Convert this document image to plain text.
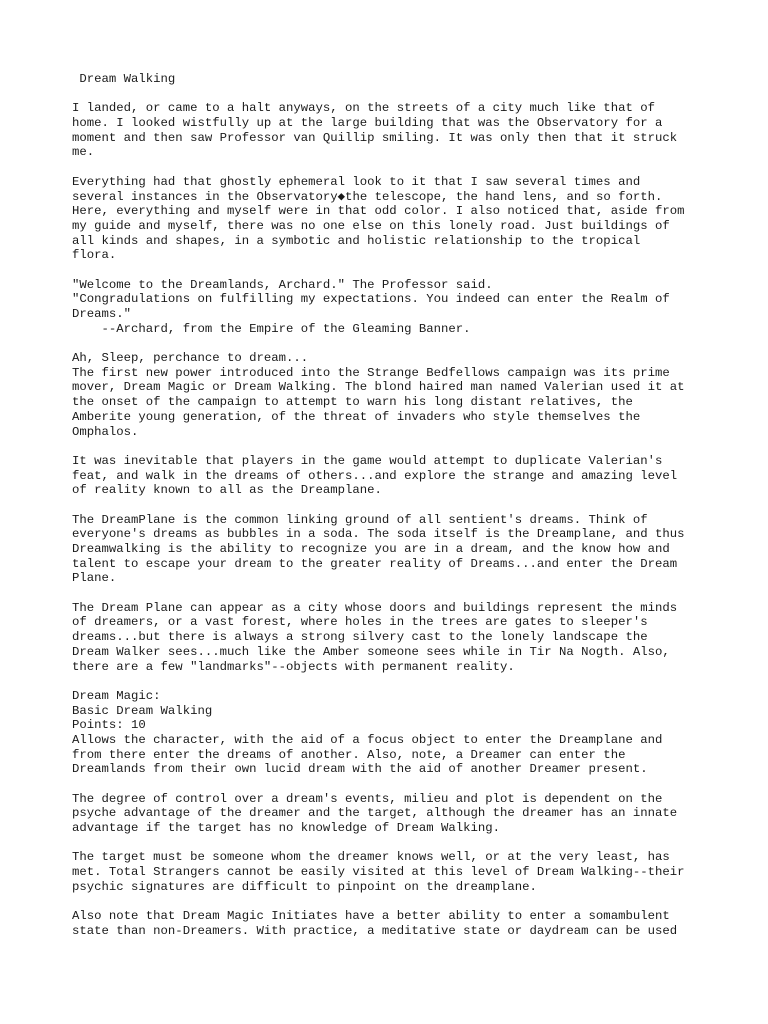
Dream Walking
I landed, or came to a halt anyways, on the streets of a city much like that of
home. I looked wistfully up at the large building that was the Observatory for a
moment and then saw Professor van Quillip smiling. It was only then that it struck
me.
Everything had that ghostly ephemeral look to it that I saw several times and
several instances in the Observatory◆the telescope, the hand lens, and so forth.
Here, everything and myself were in that odd color. I also noticed that, aside from
my guide and myself, there was no one else on this lonely road. Just buildings of
all kinds and shapes, in a symbotic and holistic relationship to the tropical
flora.
"Welcome to the Dreamlands, Archard." The Professor said.
"Congradulations on fulfilling my expectations. You indeed can enter the Realm of
Dreams."
--Archard, from the Empire of the Gleaming Banner.
Ah, Sleep, perchance to dream...
The first new power introduced into the Strange Bedfellows campaign was its prime
mover, Dream Magic or Dream Walking. The blond haired man named Valerian used it at
the onset of the campaign to attempt to warn his long distant relatives, the
Amberite young generation, of the threat of invaders who style themselves the
Omphalos.
It was inevitable that players in the game would attempt to duplicate Valerian's
feat, and walk in the dreams of others...and explore the strange and amazing level
of reality known to all as the Dreamplane.
The DreamPlane is the common linking ground of all sentient's dreams. Think of
everyone's dreams as bubbles in a soda. The soda itself is the Dreamplane, and thus
Dreamwalking is the ability to recognize you are in a dream, and the know how and
talent to escape your dream to the greater reality of Dreams...and enter the Dream
Plane.
The Dream Plane can appear as a city whose doors and buildings represent the minds
of dreamers, or a vast forest, where holes in the trees are gates to sleeper's
dreams...but there is always a strong silvery cast to the lonely landscape the
Dream Walker sees...much like the Amber someone sees while in Tir Na Nogth. Also,
there are a few "landmarks"--objects with permanent reality.
Dream Magic:
Basic Dream Walking
Points: 10
Allows the character, with the aid of a focus object to enter the Dreamplane and
from there enter the dreams of another. Also, note, a Dreamer can enter the
Dreamlands from their own lucid dream with the aid of another Dreamer present.
The degree of control over a dream's events, milieu and plot is dependent on the
psyche advantage of the dreamer and the target, although the dreamer has an innate
advantage if the target has no knowledge of Dream Walking.
The target must be someone whom the dreamer knows well, or at the very least, has
met. Total Strangers cannot be easily visited at this level of Dream Walking--their
psychic signatures are difficult to pinpoint on the dreamplane.
Also note that Dream Magic Initiates have a better ability to enter a somambulent
state than non-Dreamers. With practice, a meditative state or daydream can be used
